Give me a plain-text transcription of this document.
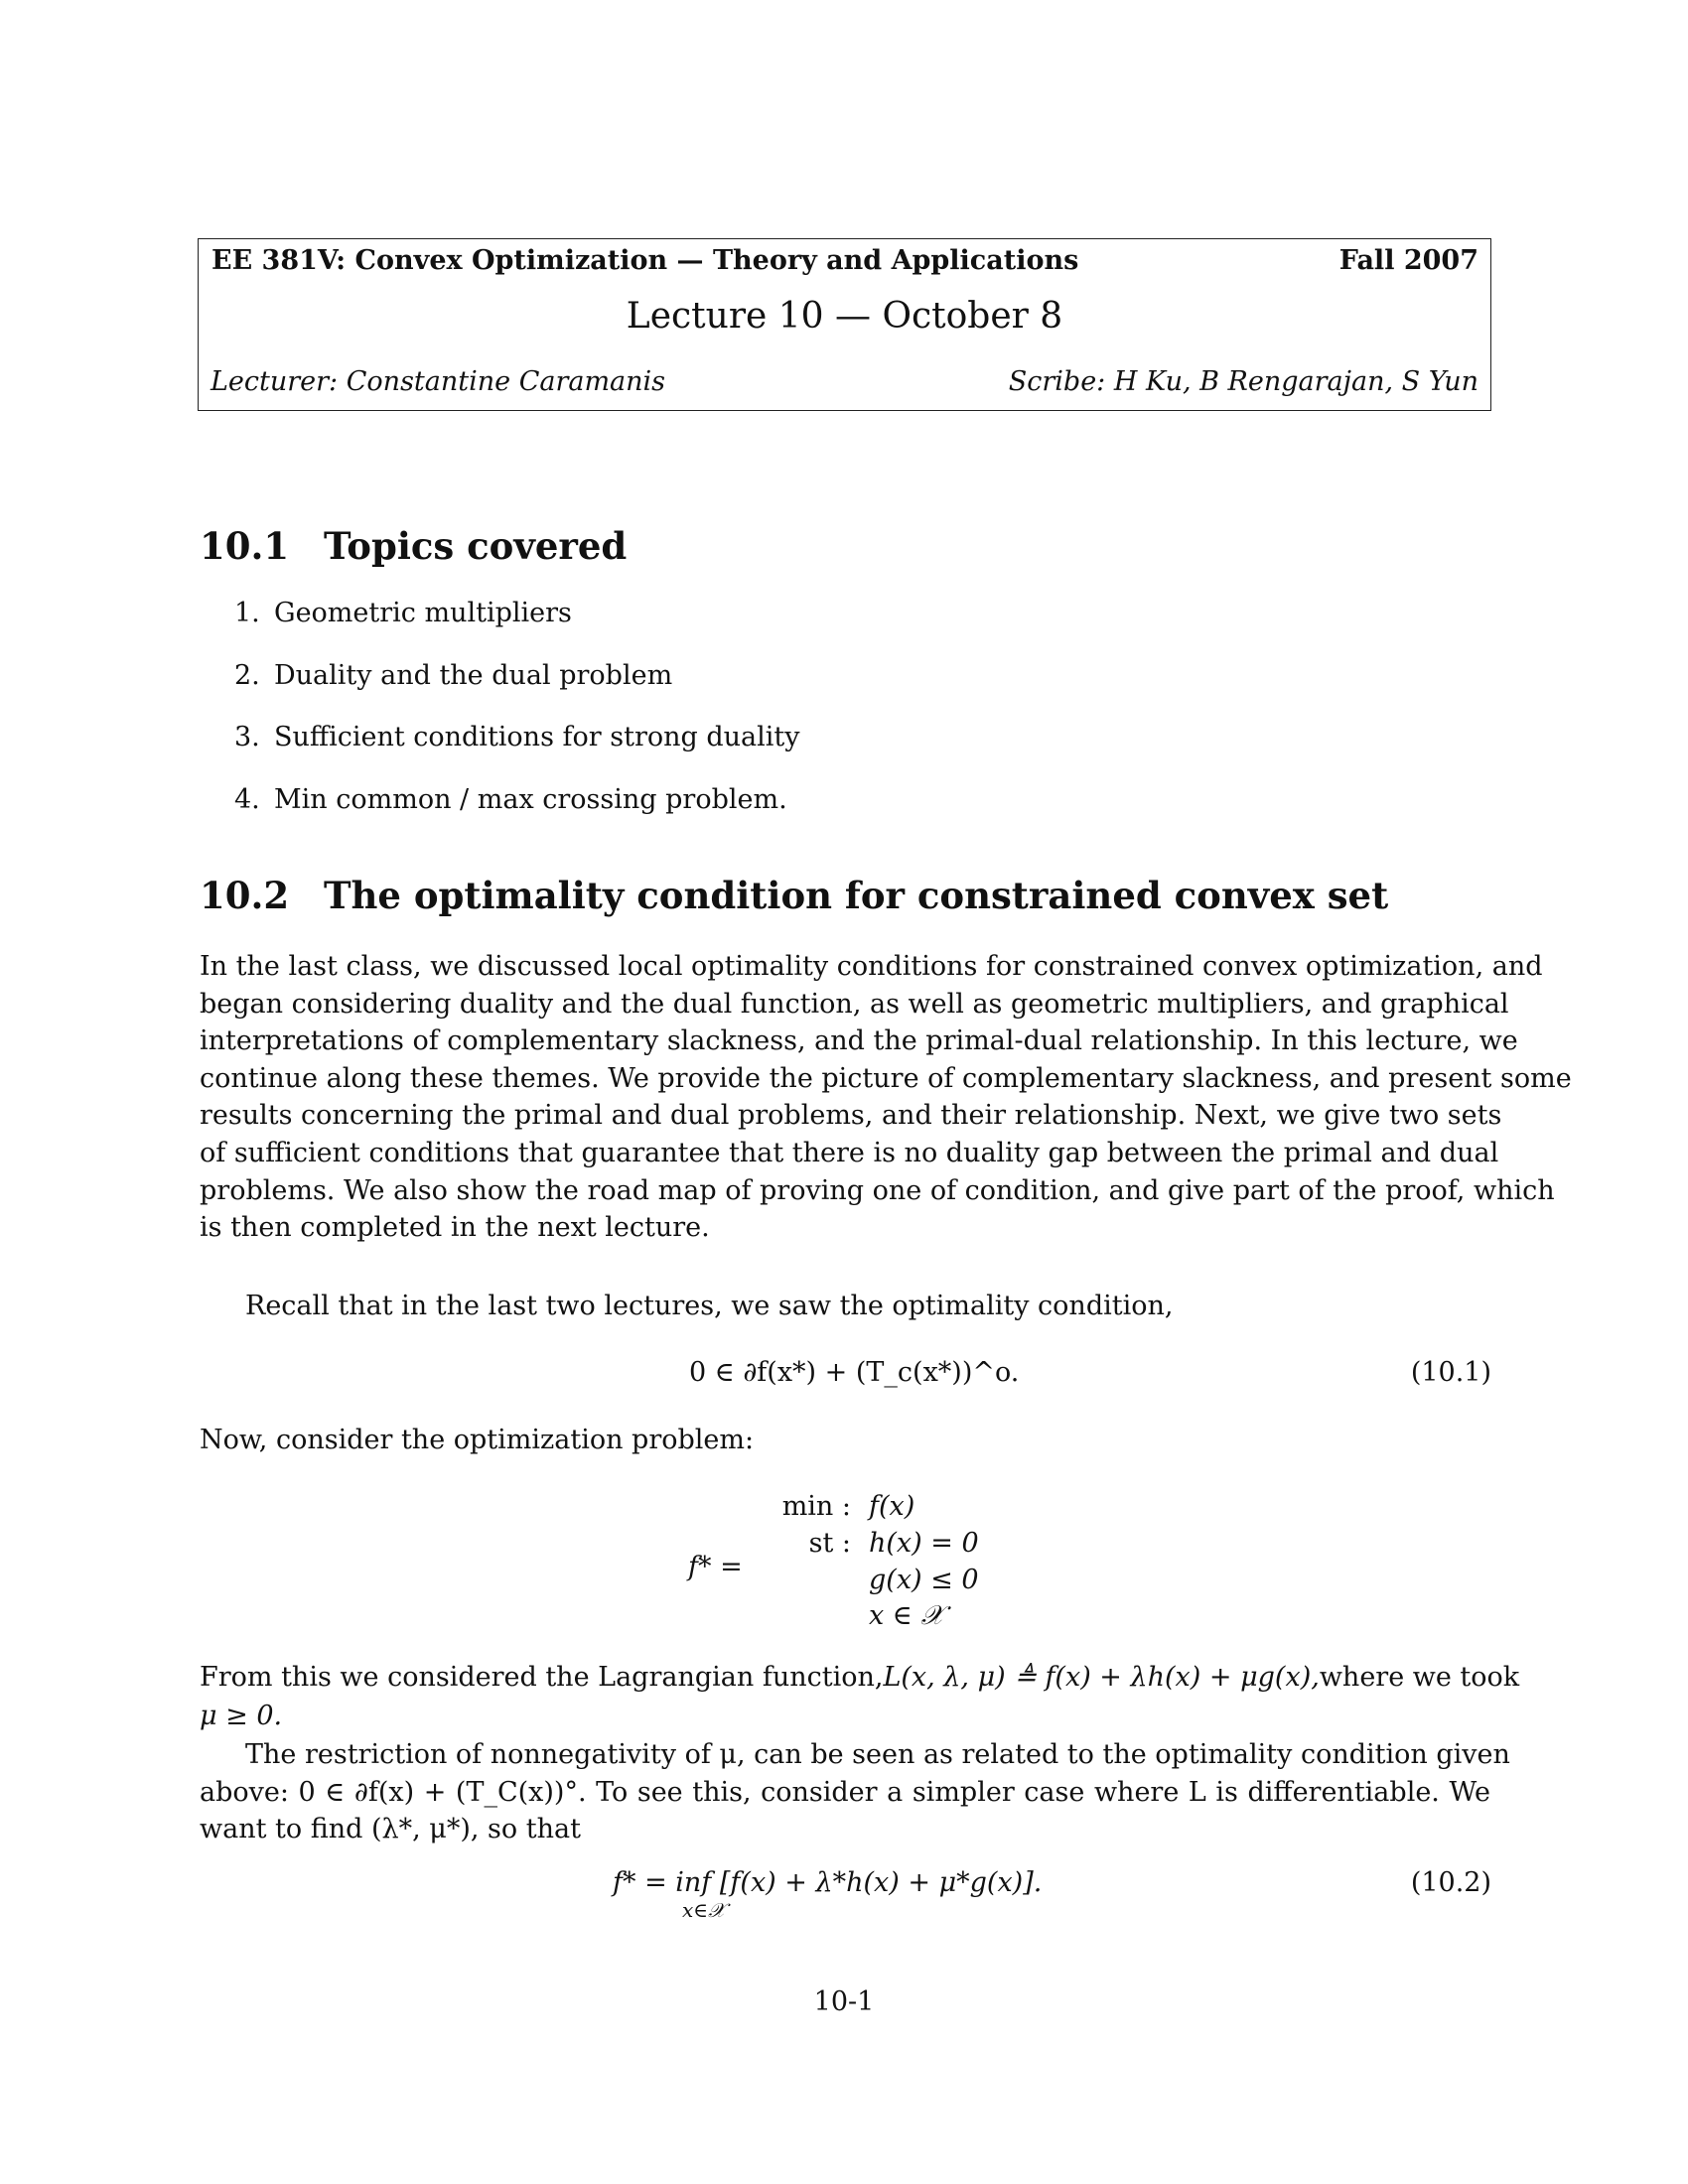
EE 381V: Convex Optimization — Theory and Applications	Fall 2007
Lecture 10 — October 8
Lecturer: Constantine Caramanis	Scribe: H Ku, B Rengarajan, S Yun
10.1 Topics covered
1. Geometric multipliers
2. Duality and the dual problem
3. Sufficient conditions for strong duality
4. Min common / max crossing problem.
10.2 The optimality condition for constrained convex set
In the last class, we discussed local optimality conditions for constrained convex optimization, and
began considering duality and the dual function, as well as geometric multipliers, and graphical
interpretations of complementary slackness, and the primal-dual relationship. In this lecture, we
continue along these themes. We provide the picture of complementary slackness, and present some
results concerning the primal and dual problems, and their relationship. Next, we give two sets
of sufficient conditions that guarantee that there is no duality gap between the primal and dual
problems. We also show the road map of proving one of condition, and give part of the proof, which
is then completed in the next lecture.
Recall that in the last two lectures, we saw the optimality condition,
0 ∈ ∂f(x*) + (T_c(x*))^o.	(10.1)
Now, consider the optimization problem:
f* =
min :
st :
f(x)
h(x) = 0
g(x) ≤ 0
x ∈ 𝒳
From this we considered the Lagrangian function, L(x, λ, μ) ≜ f(x) + λh(x) + μg(x), where we took
μ ≥ 0.
The restriction of nonnegativity of μ, can be seen as related to the optimality condition given
above: 0 ∈ ∂f(x) + (T_C(x))°. To see this, consider a simpler case where L is differentiable. We
want to find (λ*, μ*), so that
f* = inf [f(x) + λ*h(x) + μ*g(x)].
x∈𝒳
(10.2)
10-1
